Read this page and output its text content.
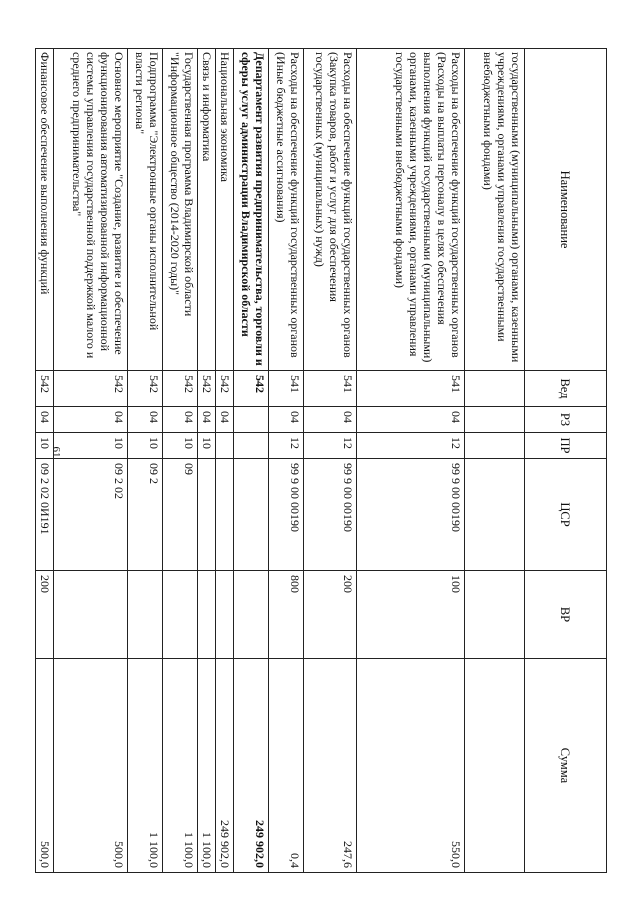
61
Наименование	Вед	РЗ	ПР	ЦСР	ВР	Сумма
государственными (муниципальными) органами, казенными учреждениями, органами управления государственными внебюджетными фондами)						
Расходы на обеспечение функций государственных органов (Расходы на выплаты персоналу в целях обеспечения выполнения функций государственными (муниципальными) органами, казенными учреждениями, органами управления государственными внебюджетными фондами)	541	04	12	99 9 00 00190	100	550,0
Расходы на обеспечение функций государственных органов (Закупка товаров, работ и услуг для обеспечения государственных (муниципальных) нужд)	541	04	12	99 9 00 00190	200	247,6
Расходы на обеспечение функций государственных органов (Иные бюджетные ассигнования)	541	04	12	99 9 00 00190	800	0,4
Департамент развития предпринимательства, торговли и сферы услуг администрации Владимирской области	542					249 902,0
Национальная экономика	542	04				249 902,0
Связь и информатика	542	04	10			1 100,0
Государственная программа Владимирской области "Информационное общество (2014-2020 годы)"	542	04	10	09		1 100,0
Подпрограмма "Электронные органы исполнительной власти региона"	542	04	10	09 2		1 100,0
Основное мероприятие "Создание, развитие и обеспечение функционирования автоматизированной информационной системы управления государственной поддержкой малого и среднего предпринимательства"	542	04	10	09 2 02		500,0
Финансовое обеспечение выполнения функций	542	04	10	09 2 02 0И191	200	500,0
